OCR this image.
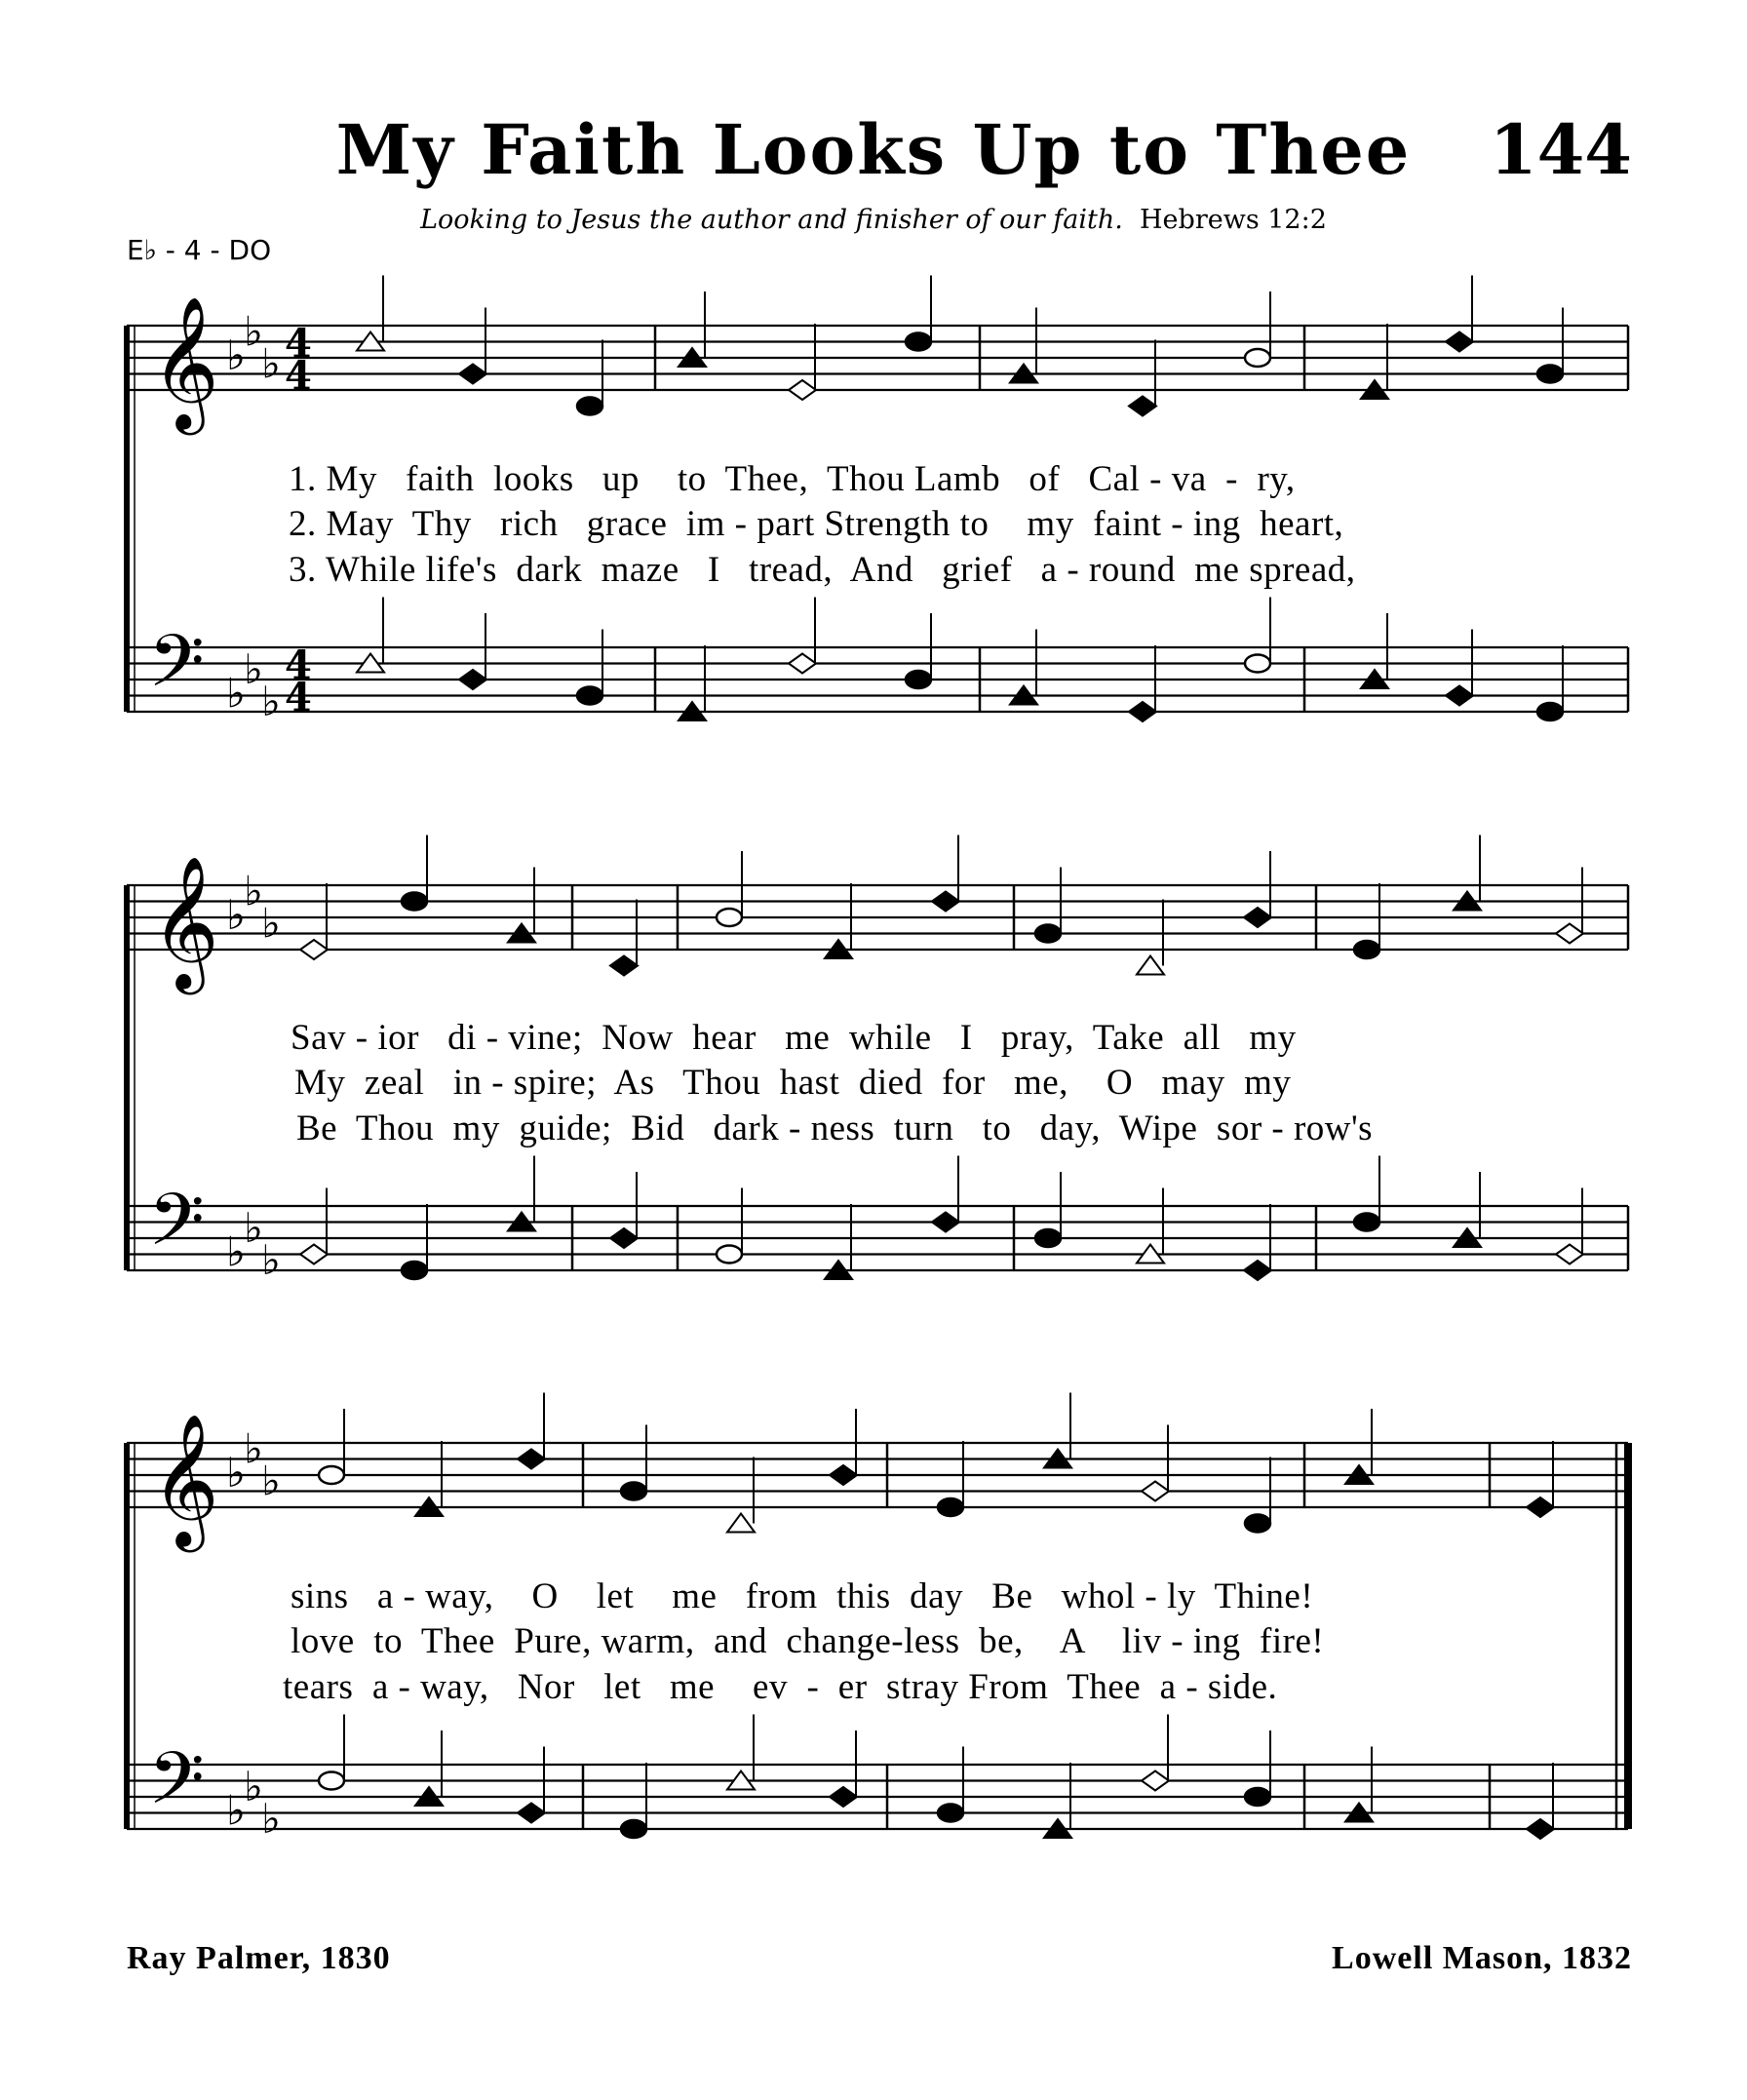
𝄞
𝄢
♭
♭
♭
♭
♭
♭
4
4
4
4
𝄞
𝄢
♭
♭
♭
♭
♭
♭
𝄞
𝄢
♭
♭
♭
♭
♭
♭
My Faith Looks Up to Thee	144
Looking to Jesus the author and finisher of our faith. Hebrews 12:2
E♭ - 4 - DO
1. My   faith  looks   up    to  Thee,  Thou Lamb   of   Cal - va  -  ry,
2. May  Thy   rich   grace  im - part Strength to    my  faint - ing  heart,
3. While life's  dark  maze   I   tread,  And   grief   a - round  me spread,
Sav - ior   di - vine;  Now  hear   me  while   I   pray,  Take  all   my
My  zeal   in - spire;  As   Thou  hast  died  for   me,    O   may  my
Be  Thou  my  guide;  Bid   dark - ness  turn   to   day,  Wipe  sor - row's
sins   a - way,    O    let    me   from  this  day   Be   whol - ly  Thine!
love  to  Thee  Pure, warm,  and  change-less  be,    A    liv - ing  fire!
tears  a - way,   Nor   let   me    ev  -  er  stray From  Thee  a - side.
Ray Palmer, 1830	Lowell Mason, 1832
